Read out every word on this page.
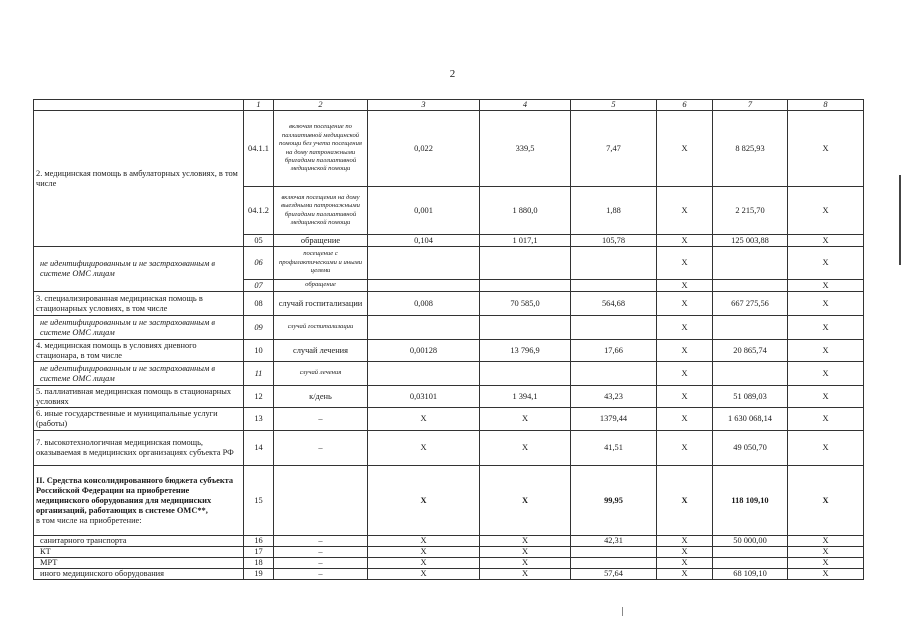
2
	1	2	3	4	5	6	7	8	
2. медицинская помощь в амбулаторных условиях, в том числе	04.1.1	включая посещение по паллиативной медицинской помощи без учета посещения на дому патронажными бригадами паллиативной медицинской помощи	0,022	339,5	7,47	Х	8 825,93	Х	
	04.1.2	включая посещения на дому выездными патронажными бригадами паллиативной медицинской помощи	0,001	1 880,0	1,88	Х	2 215,70	Х	
	05	обращение	0,104	1 017,1	105,78	Х	125 003,88	Х	
не идентифицированным и не застрахованным в системе ОМС лицам	06	посещение с профилактическими и иными целями				Х		Х	
	07	обращение				Х		Х	
3. специализированная медицинская помощь в стационарных условиях, в том числе	08	случай госпитализации	0,008	70 585,0	564,68	Х	667 275,56	Х	
не идентифицированным и не застрахованным в системе ОМС лицам	09	случай госпитализации				Х		Х	
4. медицинская помощь в условиях дневного стационара, в том числе	10	случай лечения	0,00128	13 796,9	17,66	Х	20 865,74	Х	
не идентифицированным и не застрахованным в системе ОМС лицам	11	случай лечения				Х		Х	
5. паллиативная медицинская помощь в стационарных условиях	12	к/день	0,03101	1 394,1	43,23	Х	51 089,03	Х	
6. иные государственные и муниципальные услуги (работы)	13	–	Х	Х	1379,44	Х	1 630 068,14	Х	
7. высокотехнологичная медицинская помощь, оказываемая в медицинских организациях субъекта РФ	14	–	Х	Х	41,51	Х	49 050,70	Х	
II. Средства консолидированного бюджета субъекта Российской Федерации на приобретение медицинского оборудования для медицинских организаций, работающих в системе ОМС**,
в том числе на приобретение:	15		Х	Х	99,95	Х	118 109,10	Х	
санитарного транспорта	16	–	Х	Х	42,31	Х	50 000,00	Х	
КТ	17	–	Х	Х		Х		Х	
МРТ	18	–	Х	Х		Х		Х	
иного медицинского оборудования	19	–	Х	Х	57,64	Х	68 109,10	Х	
